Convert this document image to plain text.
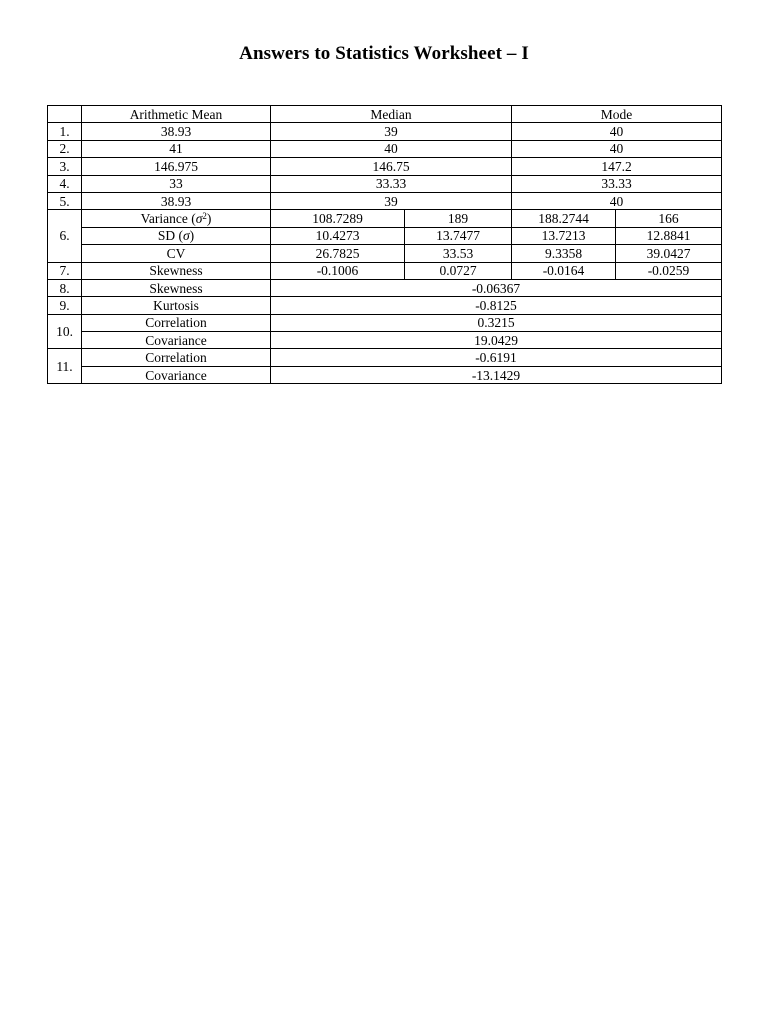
Answers to Statistics Worksheet – I
	Arithmetic Mean	Median		Mode	
1.	38.93	39		40	
2.	41	40		40	
3.	146.975	146.75		147.2	
4.	33	33.33		33.33	
5.	38.93	39		40	
6.	Variance $(\sigma^2)$	108.7289	189	188.2744	166
	SD (σ)	10.4273	13.7477	13.7213	12.8841
	CV	26.7825	33.53	9.3358	39.0427
7.	Skewness	-0.1006	0.0727	-0.0164	-0.0259
8.	Skewness	-0.06367			
9.	Kurtosis	-0.8125			
10.	Correlation	0.3215			
	Covariance	19.0429			
11.	Correlation	-0.6191			
	Covariance	-13.1429			
